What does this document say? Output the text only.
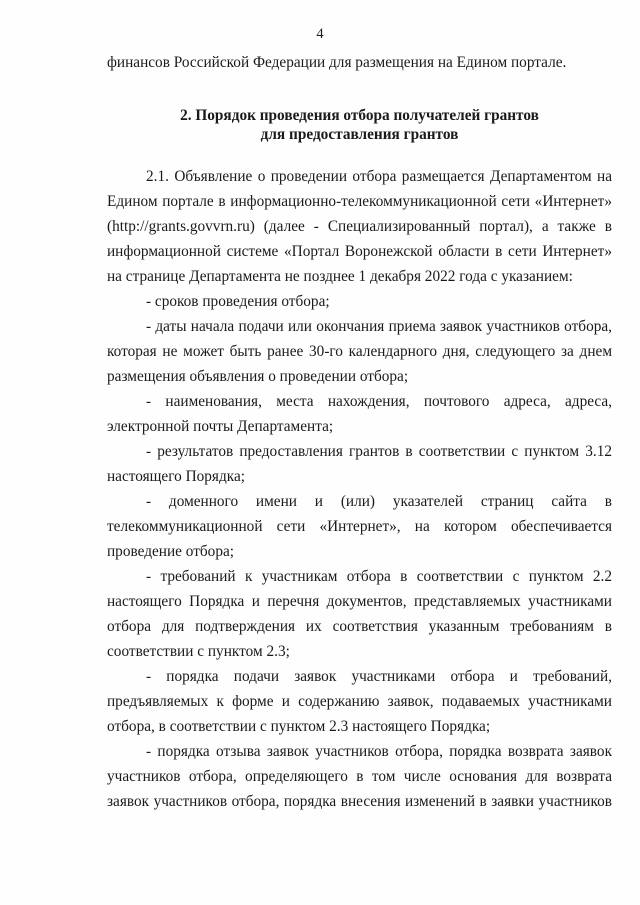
4
финансов Российской Федерации для размещения на Едином портале.
2. Порядок проведения отбора получателей грантов
для предоставления грантов
2.1. Объявление о проведении отбора размещается Департаментом на
Едином портале в информационно-телекоммуникационной сети «Интернет»
(http://grants.govvrn.ru) (далее - Специализированный портал), а также в
информационной системе «Портал Воронежской области в сети Интернет»
на странице Департамента не позднее 1 декабря 2022 года с указанием:
- сроков проведения отбора;
- даты начала подачи или окончания приема заявок участников отбора,
которая не может быть ранее 30-го календарного дня, следующего за днем
размещения объявления о проведении отбора;
- наименования, места нахождения, почтового адреса, адреса,
электронной почты Департамента;
- результатов предоставления грантов в соответствии с пунктом 3.12
настоящего Порядка;
- доменного имени и (или) указателей страниц сайта в
телекоммуникационной сети «Интернет», на котором обеспечивается
проведение отбора;
- требований к участникам отбора в соответствии с пунктом 2.2
настоящего Порядка и перечня документов, представляемых участниками
отбора для подтверждения их соответствия указанным требованиям в
соответствии с пунктом 2.3;
- порядка подачи заявок участниками отбора и требований,
предъявляемых к форме и содержанию заявок, подаваемых участниками
отбора, в соответствии с пунктом 2.3 настоящего Порядка;
- порядка отзыва заявок участников отбора, порядка возврата заявок
участников отбора, определяющего в том числе основания для возврата
заявок участников отбора, порядка внесения изменений в заявки участников
